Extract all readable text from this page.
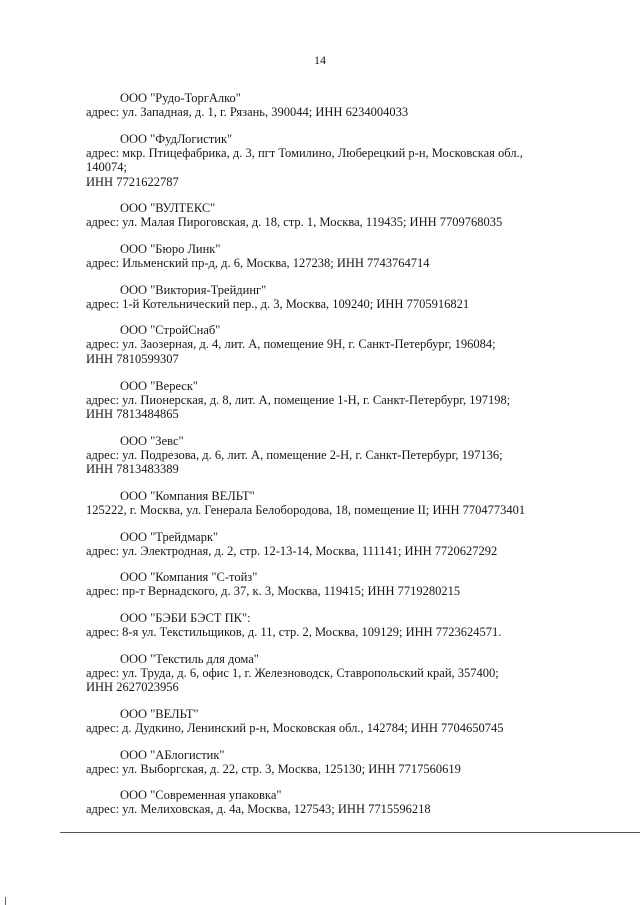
14
ООО "Рудо-ТоргАлко"
адрес: ул. Западная, д. 1, г. Рязань, 390044; ИНН 6234004033
ООО "ФудЛогистик"
адрес: мкр. Птицефабрика, д. 3, пгт Томилино, Люберецкий р-н, Московская обл.,
140074;
ИНН 7721622787
ООО "ВУЛТЕКС"
адрес: ул. Малая Пироговская, д. 18, стр. 1, Москва, 119435; ИНН 7709768035
ООО "Бюро Линк"
адрес: Ильменский пр-д, д. 6, Москва, 127238; ИНН 7743764714
ООО "Виктория-Трейдинг"
адрес: 1-й Котельнический пер., д. 3, Москва, 109240; ИНН 7705916821
ООО "СтройСнаб"
адрес: ул. Заозерная, д. 4, лит. А, помещение 9Н, г. Санкт-Петербург, 196084;
ИНН 7810599307
ООО "Вереск"
адрес: ул. Пионерская, д. 8, лит. А, помещение 1-Н, г. Санкт-Петербург, 197198;
ИНН 7813484865
ООО "Зевс"
адрес: ул. Подрезова, д. 6, лит. А, помещение 2-Н, г. Санкт-Петербург, 197136;
ИНН 7813483389
ООО "Компания ВЕЛЬТ"
125222, г. Москва, ул. Генерала Белобородова, 18, помещение II; ИНН 7704773401
ООО "Трейдмарк"
адрес: ул. Электродная, д. 2, стр. 12-13-14, Москва, 111141; ИНН 7720627292
ООО "Компания "С-тойз"
адрес: пр-т Вернадского, д. 37, к. 3, Москва, 119415; ИНН 7719280215
ООО "БЭБИ БЭСТ ПК":
адрес: 8-я ул. Текстильщиков, д. 11, стр. 2, Москва, 109129; ИНН 7723624571.
ООО "Текстиль для дома"
адрес: ул. Труда, д. 6, офис 1, г. Железноводск, Ставропольский край, 357400;
ИНН 2627023956
ООО "ВЕЛЬТ"
адрес: д. Дудкино, Ленинский р-н, Московская обл., 142784; ИНН 7704650745
ООО "АБлогистик"
адрес: ул. Выборгская, д. 22, стр. 3, Москва, 125130; ИНН 7717560619
ООО "Современная упаковка"
адрес: ул. Мелиховская, д. 4а, Москва, 127543; ИНН 7715596218
